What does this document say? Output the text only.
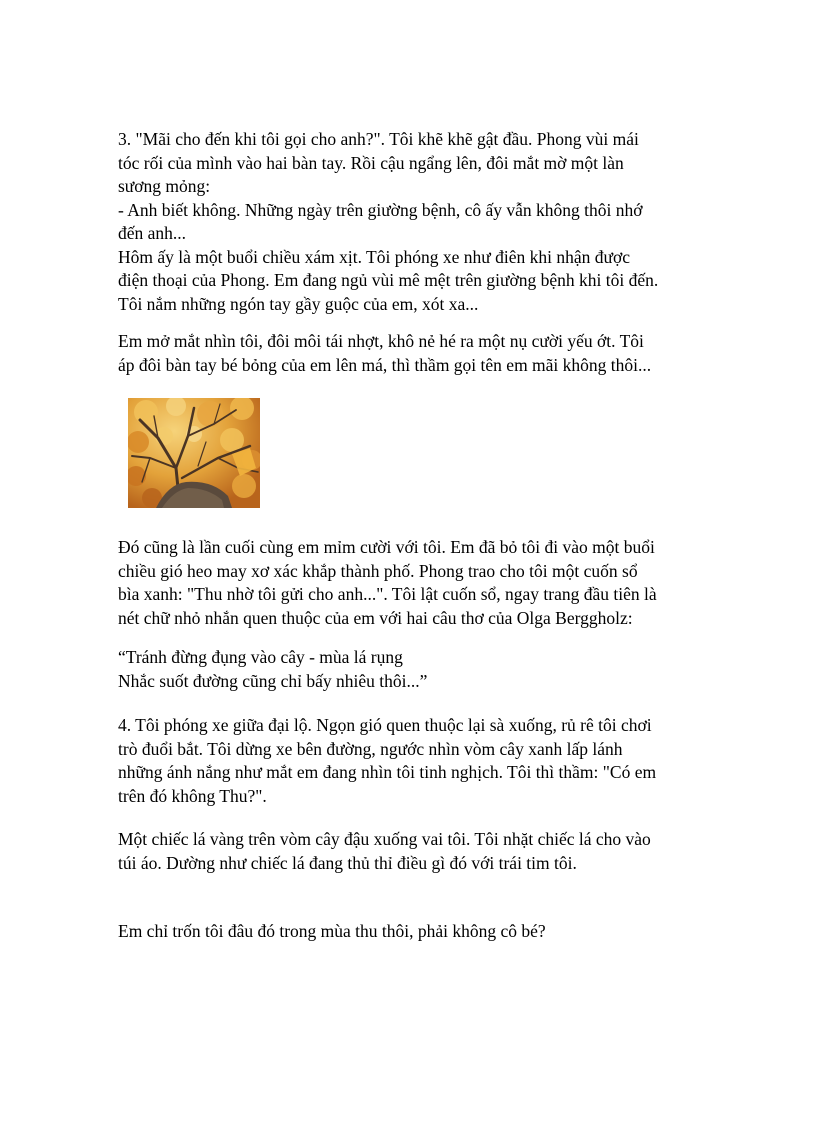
3. "Mãi cho đến khi tôi gọi cho anh?". Tôi khẽ khẽ gật đầu. Phong vùi mái
tóc rối của mình vào hai bàn tay. Rồi cậu ngẩng lên, đôi mắt mờ một làn
sương mỏng:
- Anh biết không. Những ngày trên giường bệnh, cô ấy vẫn không thôi nhớ
đến anh...
Hôm ấy là một buổi chiều xám xịt. Tôi phóng xe như điên khi nhận được
điện thoại của Phong. Em đang ngủ vùi mê mệt trên giường bệnh khi tôi đến.
Tôi nắm những ngón tay gầy guộc của em, xót xa...
Em mở mắt nhìn tôi, đôi môi tái nhợt, khô nẻ hé ra một nụ cười yếu ớt. Tôi
áp đôi bàn tay bé bỏng của em lên má, thì thầm gọi tên em mãi không thôi...
Đó cũng là lần cuối cùng em mỉm cười với tôi. Em đã bỏ tôi đi vào một buổi
chiều gió heo may xơ xác khắp thành phố. Phong trao cho tôi một cuốn sổ
bìa xanh: "Thu nhờ tôi gửi cho anh...". Tôi lật cuốn sổ, ngay trang đầu tiên là
nét chữ nhỏ nhắn quen thuộc của em với hai câu thơ của Olga Berggholz:
“Tránh đừng đụng vào cây - mùa lá rụng
Nhắc suốt đường cũng chỉ bấy nhiêu thôi...”
4. Tôi phóng xe giữa đại lộ. Ngọn gió quen thuộc lại sà xuống, rủ rê tôi chơi
trò đuổi bắt. Tôi dừng xe bên đường, ngước nhìn vòm cây xanh lấp lánh
những ánh nắng như mắt em đang nhìn tôi tinh nghịch. Tôi thì thầm: "Có em
trên đó không Thu?".
Một chiếc lá vàng trên vòm cây đậu xuống vai tôi. Tôi nhặt chiếc lá cho vào
túi áo. Dường như chiếc lá đang thủ thỉ điều gì đó với trái tim tôi.
Em chỉ trốn tôi đâu đó trong mùa thu thôi, phải không cô bé?
